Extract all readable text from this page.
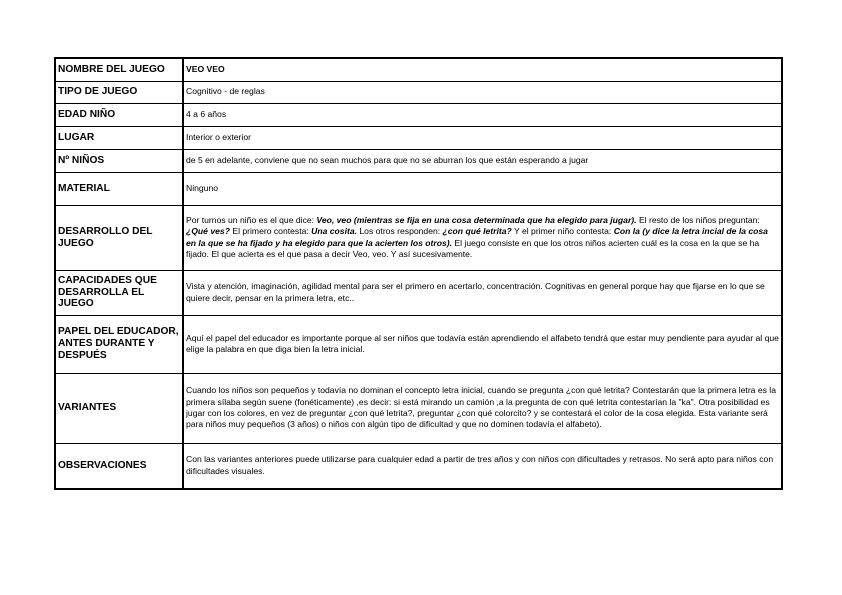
NOMBRE DEL JUEGO	VEO VEO
TIPO DE JUEGO	Cognitivo - de reglas
EDAD NIÑO	4 a 6 años
LUGAR	Interior o exterior
Nº NIÑOS	de 5 en adelante, conviene que no sean muchos para que no se aburran los que están esperando a jugar
MATERIAL	Ninguno
DESARROLLO DEL JUEGO	Por turnos un niño es el que dice: Veo, veo (mientras se fija en una cosa determinada que ha elegido para jugar). El resto de los niños preguntan: ¿Qué ves? El primero contesta: Una cosita. Los otros responden: ¿con qué letrita? Y el primer niño contesta: Con la (y dice la letra incial de la cosa en la que se ha fijado y ha elegido para que la acierten los otros). El juego consiste en que los otros niños acierten cuál es la cosa en la que se ha fijado. El que acierta es el que pasa a decir Veo, veo. Y así sucesivamente.
CAPACIDADES QUE DESARROLLA EL JUEGO	Vista y atención, imaginación, agilidad mental para ser el primero en acertarlo, concentración. Cognitivas en general porque hay que fijarse en lo que se quiere decir, pensar en la primera letra, etc..
PAPEL DEL EDUCADOR, ANTES DURANTE Y DESPUÉS	Aquí el papel del educador es importante porque al ser niños que todavía están aprendiendo el alfabeto tendrá que estar muy pendiente para ayudar al que elige la palabra en que diga bien la letra inicial.
VARIANTES	Cuando los niños son pequeños y todavía no dominan el concepto letra inicial, cuando se pregunta ¿con qué letrita? Contestarán que la primera letra es la primera sílaba según suene (fonéticamente) ,es decir: si está mirando un camión ,a la pregunta de con qué letrita contestarían la "ka". Otra posibilidad es jugar con los colores, en vez de preguntar ¿con qué letrita?, preguntar ¿con qué colorcito? y se contestará el color de la cosa elegida. Esta variante será para niños muy pequeños (3 años) o niños con algún tipo de dificultad y que no dominen todavía el alfabeto).
OBSERVACIONES	Con las variantes anteriores puede utilizarse para cualquier edad a partir de tres años y con niños con dificultades y retrasos. No será apto para niños con dificultades visuales.
